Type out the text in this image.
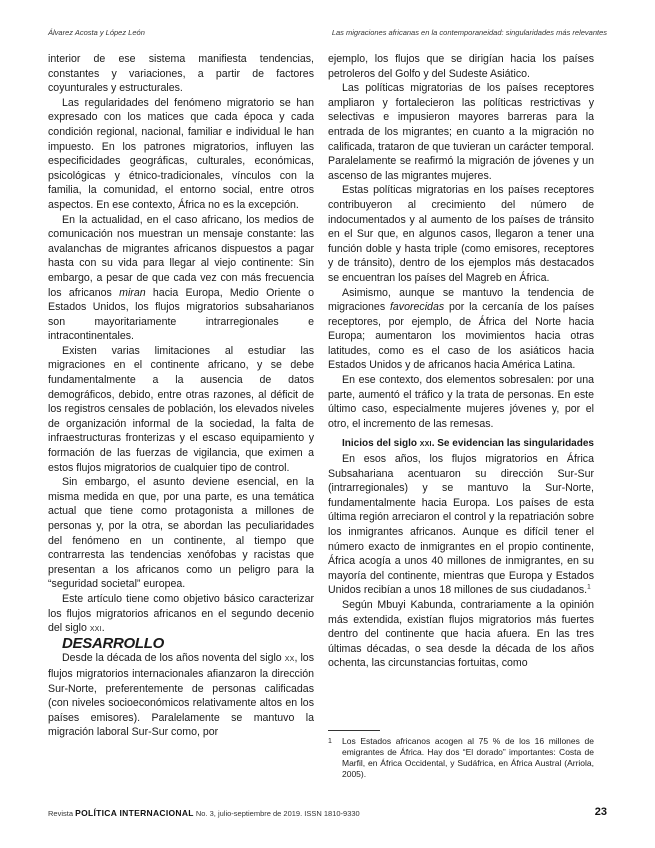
Álvarez Acosta y López León	Las migraciones africanas en la contemporaneidad: singularidades más relevantes

interior de ese sistema manifiesta tendencias, constantes y variaciones, a partir de factores coyunturales y estructurales.

Las regularidades del fenómeno migratorio se han expresado con los matices que cada época y cada condición regional, nacional, familiar e individual le han impuesto. En los patrones migratorios, influyen las especificidades geográficas, culturales, económicas, psicológicas y étnico-tradicionales, vínculos con la familia, la comunidad, el entorno social, entre otros aspectos. En ese contexto, África no es la excepción.

En la actualidad, en el caso africano, los medios de comunicación nos muestran un mensaje constante: las avalanchas de migrantes africanos dispuestos a pagar hasta con su vida para llegar al viejo continente: Sin embargo, a pesar de que cada vez con más frecuencia los africanos miran hacia Europa, Medio Oriente o Estados Unidos, los flujos migratorios subsaharianos son mayoritariamente intrarregionales e intracontinentales.

Existen varias limitaciones al estudiar las migraciones en el continente africano, y se debe fundamentalmente a la ausencia de datos demográficos, debido, entre otras razones, al déficit de los registros censales de población, los elevados niveles de organización informal de la sociedad, la falta de infraestructuras fronterizas y el escaso equipamiento y formación de las fuerzas de vigilancia, que eximen a estos flujos migratorios de cualquier tipo de control.

Sin embargo, el asunto deviene esencial, en la misma medida en que, por una parte, es una temática actual que tiene como protagonista a millones de personas y, por la otra, se abordan las peculiaridades del fenómeno en un continente, al tiempo que contrarresta las tendencias xenófobas y racistas que presentan a los africanos como un peligro para la “seguridad societal” europea.

Este artículo tiene como objetivo básico caracterizar los flujos migratorios africanos en el segundo decenio del siglo xxi.

DESARROLLO

Desde la década de los años noventa del siglo xx, los flujos migratorios internacionales afianzaron la dirección Sur-Norte, preferentemente de personas calificadas (con niveles socioeconómicos relativamente altos en los países emisores). Paralelamente se mantuvo la migración laboral Sur-Sur como, por

ejemplo, los flujos que se dirigían hacia los países petroleros del Golfo y del Sudeste Asiático.

Las políticas migratorias de los países receptores ampliaron y fortalecieron las políticas restrictivas y selectivas e impusieron mayores barreras para la entrada de los migrantes; en cuanto a la migración no calificada, trataron de que tuvieran un carácter temporal. Paralelamente se reafirmó la migración de jóvenes y un ascenso de las migrantes mujeres.

Estas políticas migratorias en los países receptores contribuyeron al crecimiento del número de indocumentados y al aumento de los países de tránsito en el Sur que, en algunos casos, llegaron a tener una función doble y hasta triple (como emisores, receptores y de tránsito), dentro de los ejemplos más destacados se encuentran los países del Magreb en África.

Asimismo, aunque se mantuvo la tendencia de migraciones favorecidas por la cercanía de los países receptores, por ejemplo, de África del Norte hacia Europa; aumentaron los movimientos hacia otras latitudes, como es el caso de los asiáticos hacia Estados Unidos y de africanos hacia América Latina.

En ese contexto, dos elementos sobresalen: por una parte, aumentó el tráfico y la trata de personas. En este último caso, especialmente mujeres jóvenes y, por el otro, el incremento de las remesas.

Inicios del siglo xxi. Se evidencian las singularidades

En esos años, los flujos migratorios en África Subsahariana acentuaron su dirección Sur-Sur (intrarregionales) y se mantuvo la Sur-Norte, fundamentalmente hacia Europa. Los países de esta última región arreciaron el control y la repatriación sobre los inmigrantes africanos. Aunque es difícil tener el número exacto de inmigrantes en el propio continente, África acogía a unos 40 millones de inmigrantes, en su mayoría del continente, mientras que Europa y Estados Unidos recibían a unos 18 millones de sus ciudadanos.$^1$

Según Mbuyi Kabunda, contrariamente a la opinión más extendida, existían flujos migratorios más fuertes dentro del continente que hacia afuera. En las tres últimas décadas, o sea desde la década de los años ochenta, las circunstancias fortuitas, como

1	Los Estados africanos acogen al 75 % de los 16 millones de emigrantes de África. Hay dos “El dorado” importantes: Costa de Marfil, en África Occidental, y Sudáfrica, en África Austral (Arriola, 2005).
Revista POLÍTICA INTERNACIONAL No. 3, julio-septiembre de 2019. ISSN 1810-9330	23
